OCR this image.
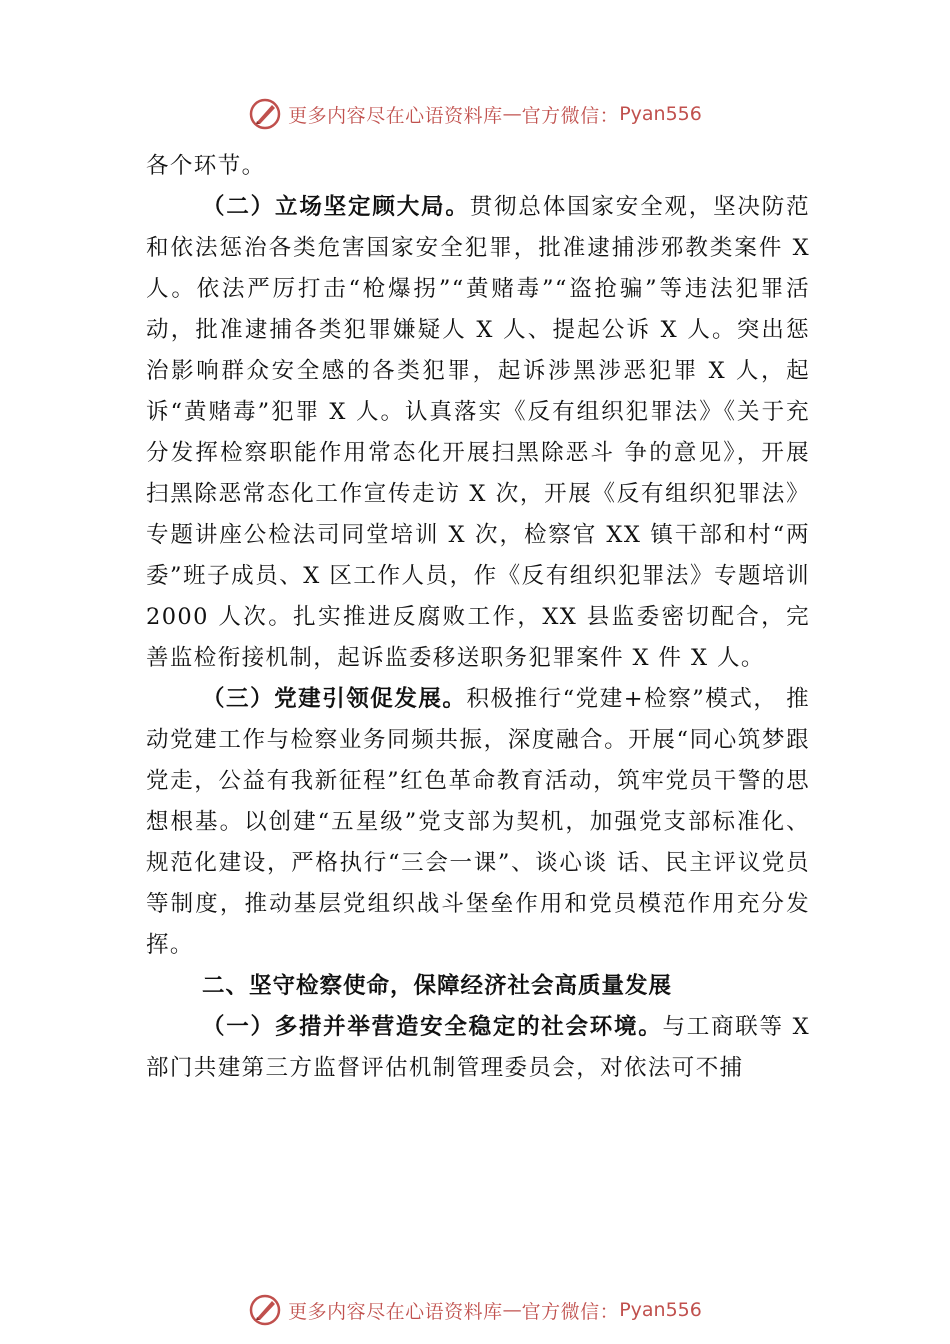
更多内容尽在心语资料库 — 官方微信： Pyan556

各个环节。

（二）立场坚定顾大局。贯彻总体国家安全观，坚决防范和依法惩治各类危害国家安全犯罪，批准逮捕涉邪教类案件 X 人。依法严厉打击“枪爆拐”“黄赌毒”“盗抢骗”等违法犯罪活动，批准逮捕各类犯罪嫌疑人 X 人、提起公诉 X 人。突出惩治影响群众安全感的各类犯罪，起诉涉黑涉恶犯罪 X 人，起诉“黄赌毒”犯罪 X 人。认真落实《反有组织犯罪法》《关于充分发挥检察职能作用常态化开展扫黑除恶斗 争的意见》，开展扫黑除恶常态化工作宣传走访 X 次，开展《反有组织犯罪法》专题讲座公检法司同堂培训 X 次，检察官 XX 镇干部和村“两委”班子成员、X 区工作人员，作《反有组织犯罪法》专题培训 2000 人次。扎实推进反腐败工作，XX 县监委密切配合，完善监检衔接机制，起诉监委移送职务犯罪案件 X 件 X 人。

（三）党建引领促发展。积极推行“党建+检察”模式， 推动党建工作与检察业务同频共振，深度融合。开展“同心筑梦跟党走，公益有我新征程”红色革命教育活动，筑牢党员干警的思想根基。以创建“五星级”党支部为契机，加强党支部标准化、规范化建设，严格执行“三会一课”、谈心谈 话、民主评议党员等制度，推动基层党组织战斗堡垒作用和党员模范作用充分发挥。

二、坚守检察使命，保障经济社会高质量发展

（一）多措并举营造安全稳定的社会环境。与工商联等 X 部门共建第三方监督评估机制管理委员会，对依法可不捕

更多内容尽在心语资料库 — 官方微信： Pyan556
